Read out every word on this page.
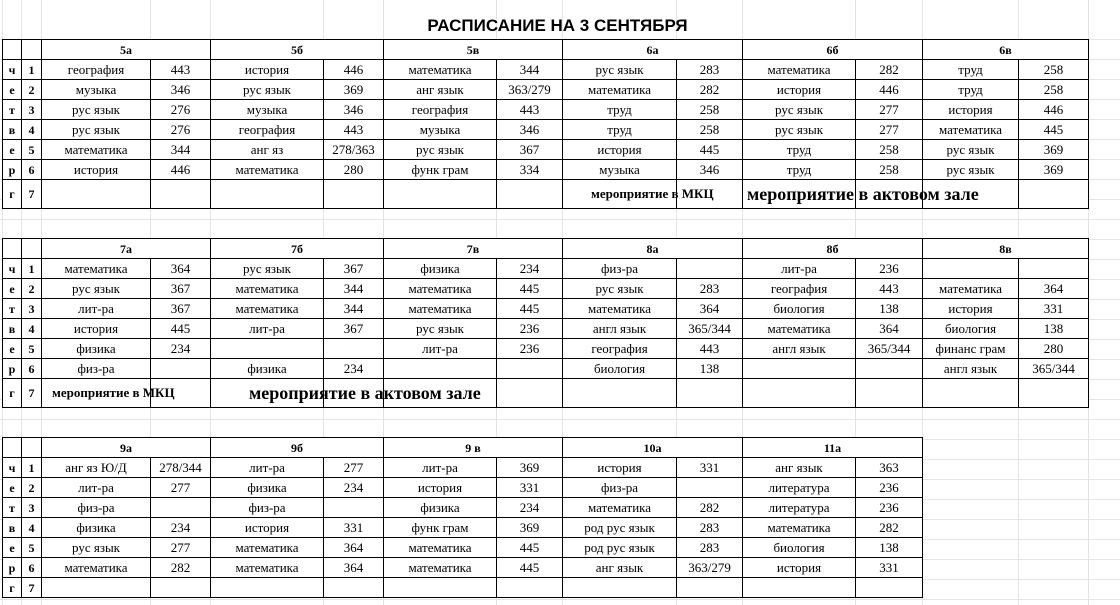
РАСПИСАНИЕ НА 3 СЕНТЯБРЯ
		5а		5б		5в		6а		6б		6в	
ч	1	география	443	история	446	математика	344	рус язык	283	математика	282	труд	258
е	2	музыка	346	рус язык	369	анг язык	363/279	математика	282	история	446	труд	258
т	3	рус язык	276	музыка	346	география	443	труд	258	рус язык	277	история	446
в	4	рус язык	276	география	443	музыка	346	труд	258	рус язык	277	математика	445
е	5	математика	344	анг яз	278/363	рус язык	367	история	445	труд	258	рус язык	369
р	6	история	446	математика	280	функ грам	334	музыка	346	труд	258	рус язык	369
г	7							мероприятие в МКЦ		мероприятие в актовом зале			

		7а		7б		7в		8а		8б		8в	
ч	1	математика	364	рус язык	367	физика	234	физ-ра		лит-ра	236		
е	2	рус язык	367	математика	344	математика	445	рус язык	283	география	443	математика	364
т	3	лит-ра	367	математика	344	математика	445	математика	364	биология	138	история	331
в	4	история	445	лит-ра	367	рус язык	236	англ язык	365/344	математика	364	биология	138
е	5	физика	234			лит-ра	236	география	443	англ язык	365/344	финанс грам	280
р	6	физ-ра		физика	234			биология	138			англ язык	365/344
г	7	мероприятие в МКЦ		мероприятие в актовом зале									

		9а		9б		9 в		10а		11а	
ч	1	анг яз Ю/Д	278/344	лит-ра	277	лит-ра	369	история	331	анг язык	363
е	2	лит-ра	277	физика	234	история	331	физ-ра		литература	236
т	3	физ-ра		физ-ра		физика	234	математика	282	литература	236
в	4	физика	234	история	331	функ грам	369	род рус язык	283	математика	282
е	5	рус язык	277	математика	364	математика	445	род рус язык	283	биология	138
р	6	математика	282	математика	364	математика	445	анг язык	363/279	история	331
г	7										
